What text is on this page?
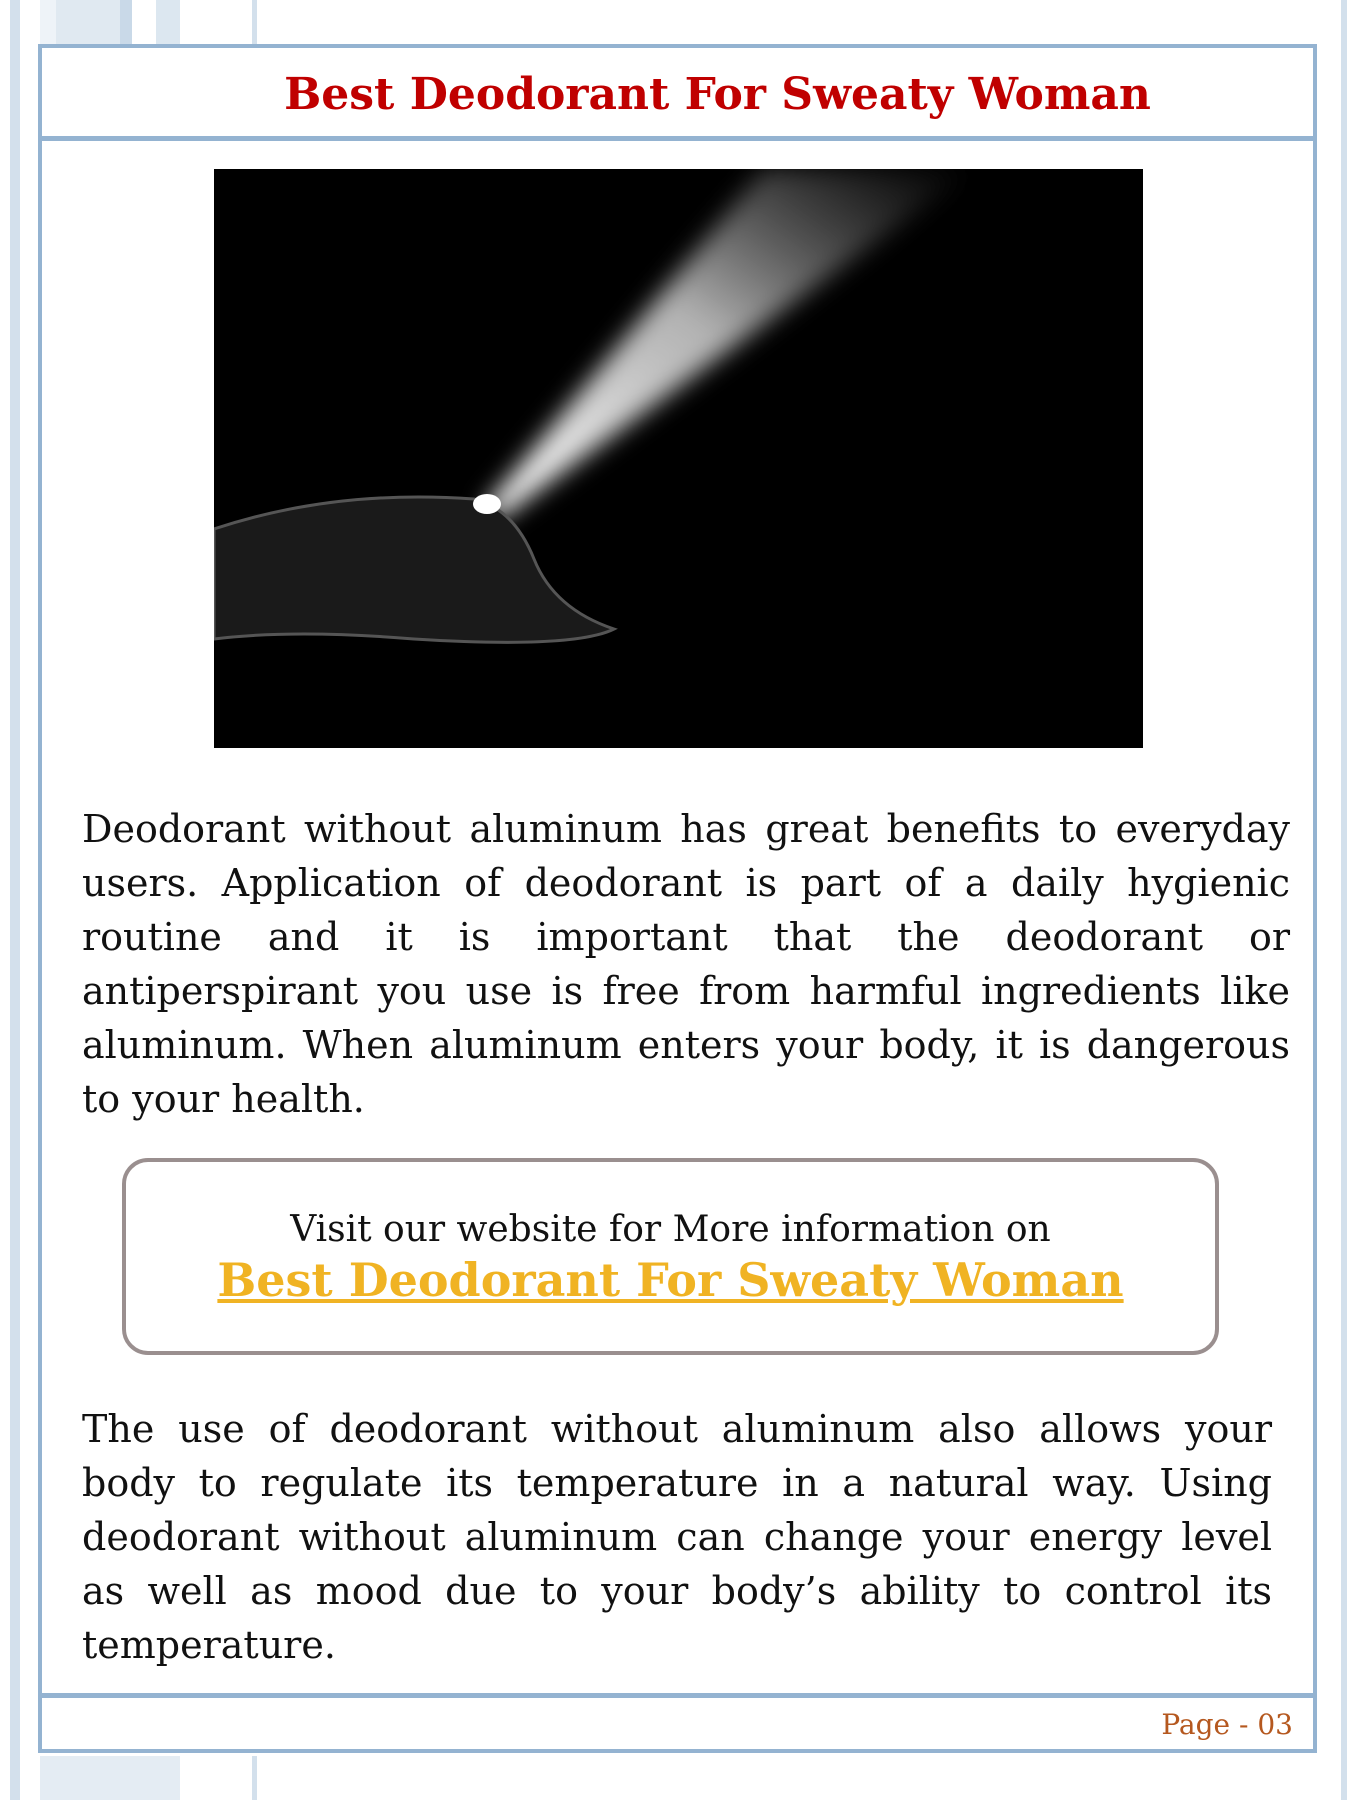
Best Deodorant For Sweaty Woman
Deodorant without aluminum has great benefits to everyday users. Application of deodorant is part of a daily hygienic routine and it is important that the deodorant or antiperspirant you use is free from harmful ingredients like aluminum. When aluminum enters your body, it is dangerous to your health.
Visit our website for More information on
Best Deodorant For Sweaty Woman
The use of deodorant without aluminum also allows your body to regulate its temperature in a natural way. Using deodorant without aluminum can change your energy level as well as mood due to your body’s ability to control its temperature.
Page - 03
